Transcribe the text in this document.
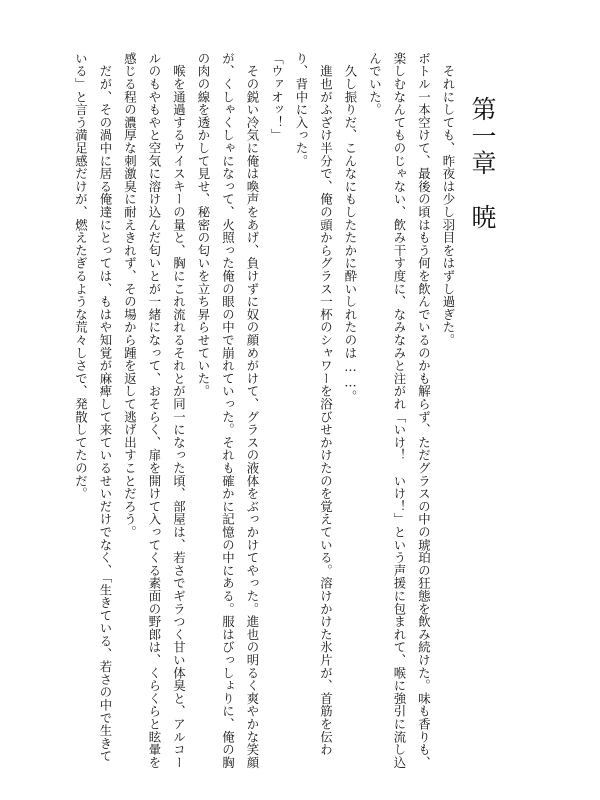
第一章　暁

　それにしても、昨夜は少し羽目をはずし過ぎた。

ボトル一本空けて、最後の頃はもう何を飲んでいるのかも解らず、ただグラスの中の琥珀の狂態を飲み続けた。味も香りも、楽しむなんてものじゃない、飲み干す度に、なみなみと注がれ「いけ！　いけ！」という声援に包まれて、喉に強引に流し込んでいた。

　久し振りだ、こんなにもしたたかに酔いしれたのは……。

　進也がふざけ半分で、俺の頭からグラス一杯のシャワーを浴びせかけたのを覚えている。溶けかけた氷片が、首筋を伝わり、背中に入った。

「ウァオッ！」

　その鋭い冷気に俺は喚声をあげ、負けずに奴の顔めがけて、グラスの液体をぶっかけてやった。進也の明るく爽やかな笑顔が、くしゃくしゃになって、火照った俺の眼の中で崩れていった。それも確かに記憶の中にある。服はびっしょりに、俺の胸の肉の線を透かして見せ、秘密の匂いを立ち昇らせていた。

　喉を通過するウイスキーの量と、胸にこれ流れるそれとが同一になった頃、部屋は、若さでギラつく甘い体臭と、アルコールのもやもやと空気に溶け込んだ匂いとが一緒になって、おそらく、扉を開けて入ってくる素面の野郎は、くらくらと眩暈を感じる程の濃厚な刺激臭に耐えきれず、その場から踵を返して逃げ出すことだろう。

　だが、その渦中に居る俺達にとっては、もはや知覚が麻痺して来ているせいだけでなく、「生きている、若さの中で生きている」と言う満足感だけが、燃えたぎるような荒々しさで、発散してたのだ。
